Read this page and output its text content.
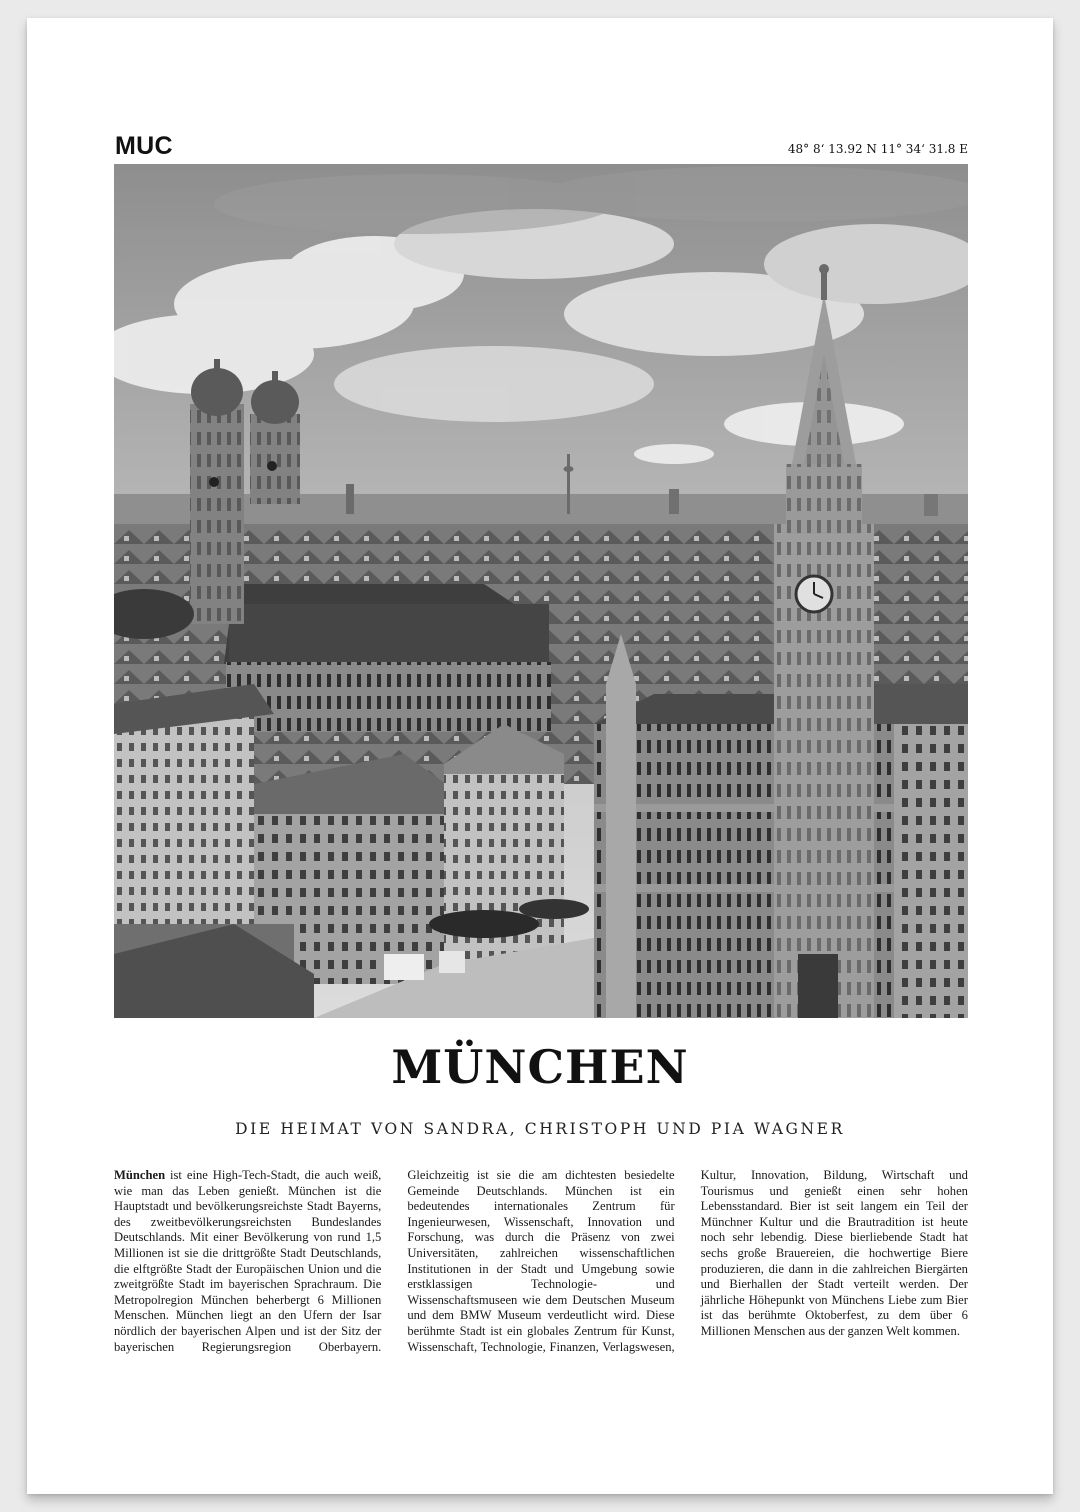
MUC	48° 8‘ 13.92 N 11° 34‘ 31.8 E
MÜNCHEN
DIE HEIMAT VON SANDRA, CHRISTOPH UND PIA WAGNER

München ist eine High-Tech-Stadt, die auch weiß, wie man das Leben genießt. München ist die Hauptstadt und bevölkerungsreichste Stadt Bayerns, des zweitbevölkerungsreichsten Bundeslandes Deutschlands. Mit einer Bevölkerung von rund 1,5 Millionen ist sie die drittgrößte Stadt Deutschlands, die elftgrößte Stadt der Europäischen Union und die zweitgrößte Stadt im bayerischen Sprachraum. Die Metropolregion München beherbergt 6 Millionen Menschen. München liegt an den Ufern der Isar nördlich der bayerischen Alpen und ist der Sitz der bayerischen Regierungsregion Oberbayern. Gleichzeitig ist sie die am dichtesten besiedelte Gemeinde Deutschlands. München ist ein bedeutendes internationales Zentrum für Ingenieurwesen, Wissenschaft, Innovation und Forschung, was durch die Präsenz von zwei Universitäten, zahlreichen wissenschaftlichen Institutionen in der Stadt und Umgebung sowie erstklassigen Technologie- und Wissenschaftsmuseen wie dem Deutschen Museum und dem BMW Museum verdeutlicht wird. Diese berühmte Stadt ist ein globales Zentrum für Kunst, Wissenschaft, Technologie, Finanzen, Verlagswesen, Kultur, Innovation, Bildung, Wirtschaft und Tourismus und genießt einen sehr hohen Lebensstandard. Bier ist seit langem ein Teil der Münchner Kultur und die Brautradition ist heute noch sehr lebendig. Diese bierliebende Stadt hat sechs große Brauereien, die hochwertige Biere produzieren, die dann in die zahlreichen Biergärten und Bierhallen der Stadt verteilt werden. Der jährliche Höhepunkt von Münchens Liebe zum Bier ist das berühmte Oktoberfest, zu dem über 6 Millionen Menschen aus der ganzen Welt kommen.
